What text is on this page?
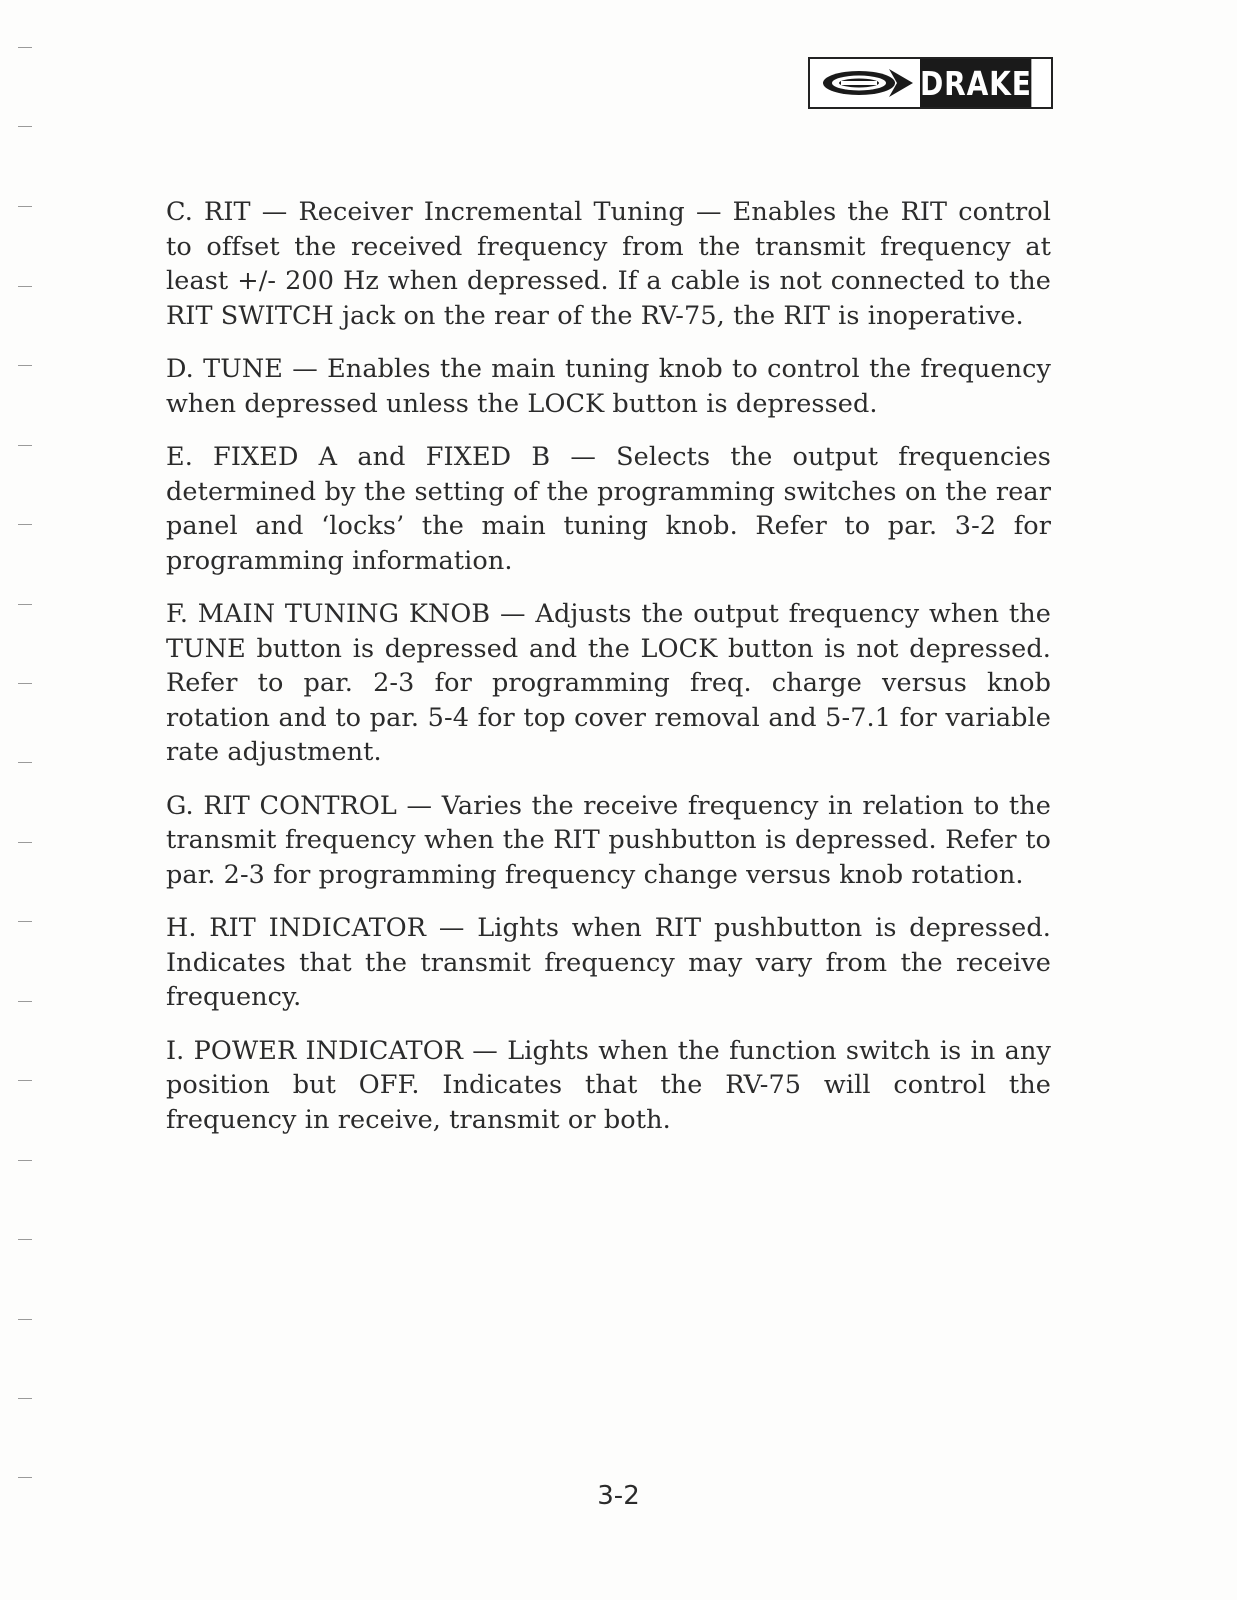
DRAKE

C. RIT — Receiver Incremental Tuning — Enables the RIT control to offset the received frequency from the transmit frequency at least +/- 200 Hz when depressed. If a cable is not connected to the RIT SWITCH jack on the rear of the RV-75, the RIT is inoperative.

D. TUNE — Enables the main tuning knob to control the frequency when depressed unless the LOCK button is depressed.

E. FIXED A and FIXED B — Selects the output frequencies determined by the setting of the programming switches on the rear panel and ‘locks’ the main tuning knob. Refer to par. 3-2 for programming information.

F. MAIN TUNING KNOB — Adjusts the output frequency when the TUNE button is depressed and the LOCK button is not depressed. Refer to par. 2-3 for programming freq. charge versus knob rotation and to par. 5-4 for top cover removal and 5-7.1 for variable rate adjustment.

G. RIT CONTROL — Varies the receive frequency in relation to the transmit frequency when the RIT pushbutton is depressed. Refer to par. 2-3 for programming frequency change versus knob rotation.

H. RIT INDICATOR — Lights when RIT pushbutton is depressed. Indicates that the transmit frequency may vary from the receive frequency.

I. POWER INDICATOR — Lights when the function switch is in any position but OFF. Indicates that the RV-75 will control the frequency in receive, transmit or both.

3-2
